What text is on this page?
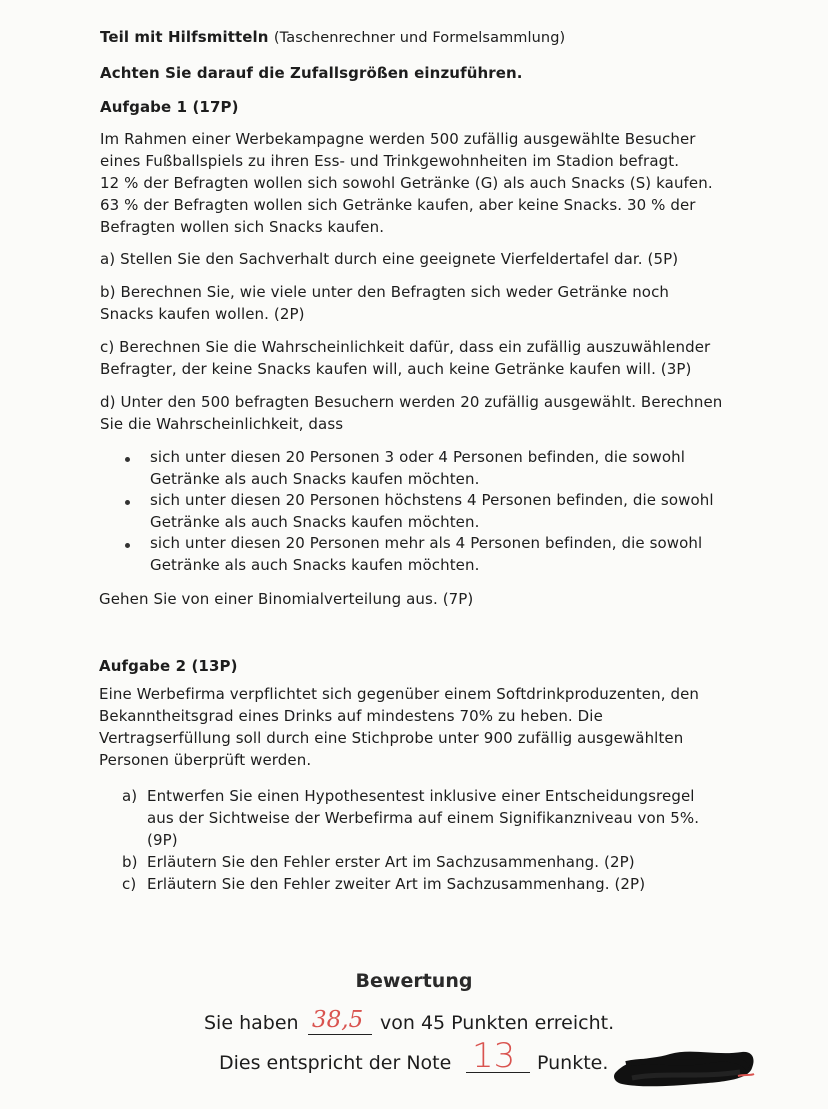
Teil mit Hilfsmitteln (Taschenrechner und Formelsammlung)
Achten Sie darauf die Zufallsgrößen einzuführen.
Aufgabe 1 (17P)
Im Rahmen einer Werbekampagne werden 500 zufällig ausgewählte Besucher
eines Fußballspiels zu ihren Ess- und Trinkgewohnheiten im Stadion befragt.
12 % der Befragten wollen sich sowohl Getränke (G) als auch Snacks (S) kaufen.
63 % der Befragten wollen sich Getränke kaufen, aber keine Snacks. 30 % der
Befragten wollen sich Snacks kaufen.
a) Stellen Sie den Sachverhalt durch eine geeignete Vierfeldertafel dar. (5P)
b) Berechnen Sie, wie viele unter den Befragten sich weder Getränke noch
Snacks kaufen wollen. (2P)
c) Berechnen Sie die Wahrscheinlichkeit dafür, dass ein zufällig auszuwählender
Befragter, der keine Snacks kaufen will, auch keine Getränke kaufen will. (3P)
d) Unter den 500 befragten Besuchern werden 20 zufällig ausgewählt. Berechnen
Sie die Wahrscheinlichkeit, dass
sich unter diesen 20 Personen 3 oder 4 Personen befinden, die sowohl
Getränke als auch Snacks kaufen möchten.
sich unter diesen 20 Personen höchstens 4 Personen befinden, die sowohl
Getränke als auch Snacks kaufen möchten.
sich unter diesen 20 Personen mehr als 4 Personen befinden, die sowohl
Getränke als auch Snacks kaufen möchten.
Gehen Sie von einer Binomialverteilung aus. (7P)
Aufgabe 2 (13P)
Eine Werbefirma verpflichtet sich gegenüber einem Softdrinkproduzenten, den
Bekanntheitsgrad eines Drinks auf mindestens 70% zu heben. Die
Vertragserfüllung soll durch eine Stichprobe unter 900 zufällig ausgewählten
Personen überprüft werden.
a) Entwerfen Sie einen Hypothesentest inklusive einer Entscheidungsregel
aus der Sichtweise der Werbefirma auf einem Signifikanzniveau von 5%.
(9P)
b) Erläutern Sie den Fehler erster Art im Sachzusammenhang. (2P)
c) Erläutern Sie den Fehler zweiter Art im Sachzusammenhang. (2P)
Bewertung
Sie haben 38,5 von 45 Punkten erreicht.
Dies entspricht der Note 13 Punkte.
